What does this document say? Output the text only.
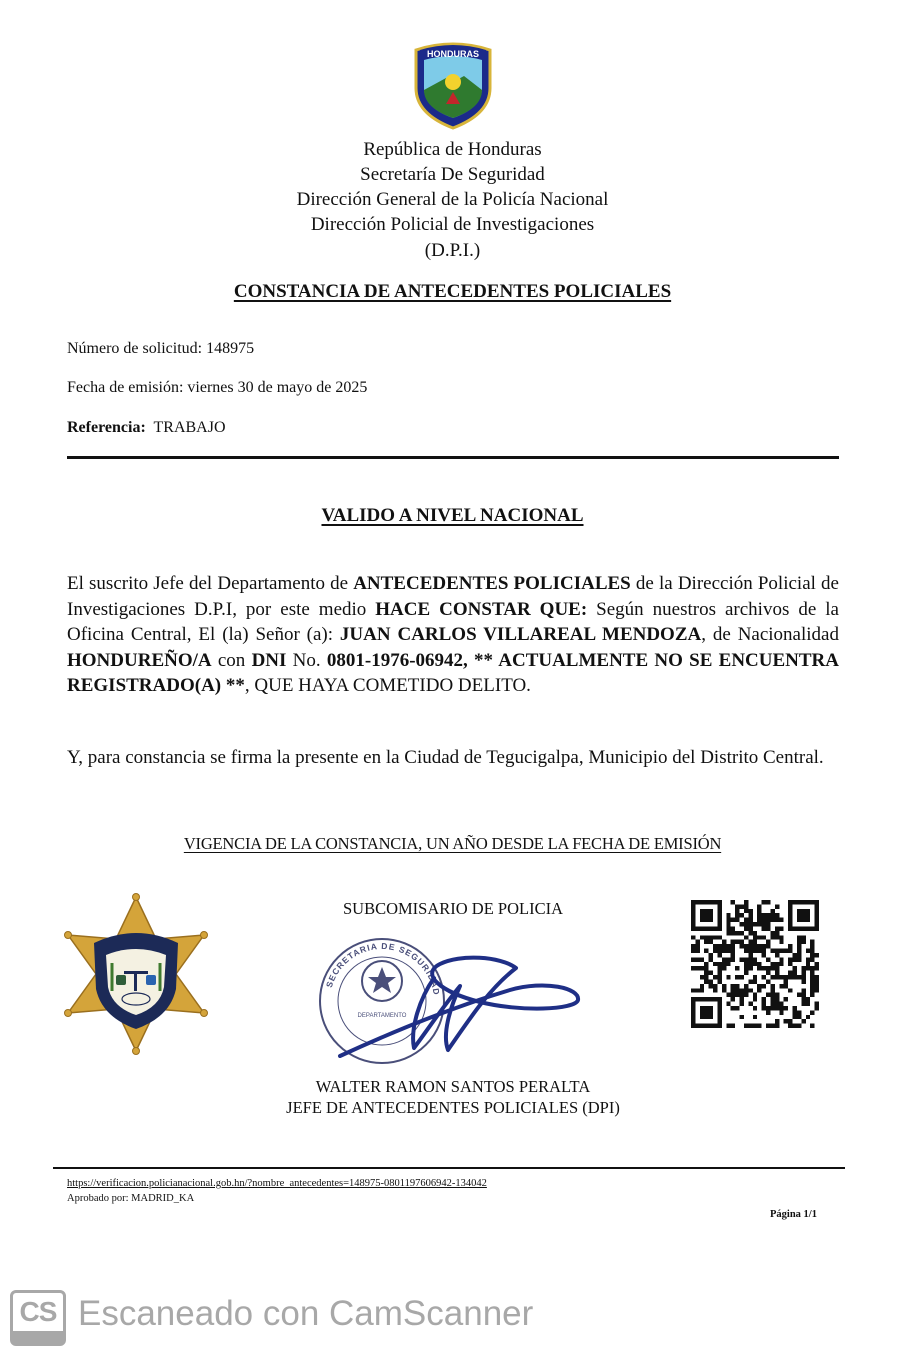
HONDURAS
República de Honduras
Secretaría De Seguridad
Dirección General de la Policía Nacional
Dirección Policial de Investigaciones
(D.P.I.)
CONSTANCIA DE ANTECEDENTES POLICIALES
Número de solicitud: 148975
Fecha de emisión: viernes 30 de mayo de 2025
Referencia: TRABAJO
VALIDO A NIVEL NACIONAL
El suscrito Jefe del Departamento de ANTECEDENTES POLICIALES de la Dirección Policial de Investigaciones D.P.I, por este medio HACE CONSTAR QUE: Según nuestros archivos de la Oficina Central, El (la) Señor (a): JUAN CARLOS VILLAREAL MENDOZA, de Nacionalidad HONDUREÑO/A con DNI No. 0801-1976-06942, ** ACTUALMENTE NO SE ENCUENTRA REGISTRADO(A) **, QUE HAYA COMETIDO DELITO.
Y, para constancia se firma la presente en la Ciudad de Tegucigalpa, Municipio del Distrito Central.
VIGENCIA DE LA CONSTANCIA, UN AÑO DESDE LA FECHA DE EMISIÓN
SUBCOMISARIO DE POLICIA
SECRETARIA DE SEGURIDAD
DEPARTAMENTO
WALTER RAMON SANTOS PERALTA
JEFE DE ANTECEDENTES POLICIALES (DPI)
https://verificacion.policianacional.gob.hn/?nombre_antecedentes=148975-0801197606942-134042
Aprobado por: MADRID_KA
Página 1/1
CS Escaneado con CamScanner
